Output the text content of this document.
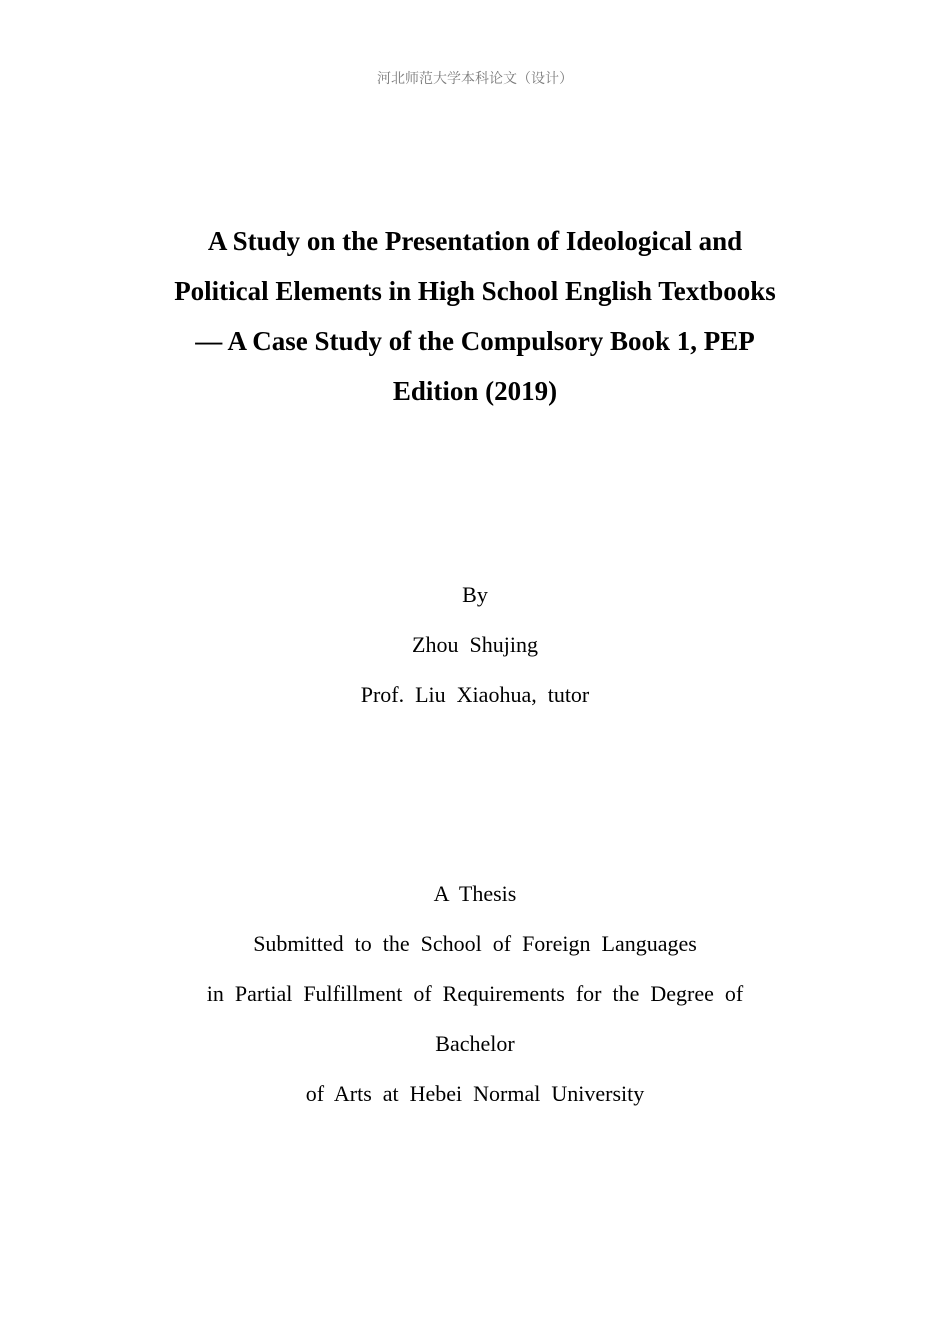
河北师范大学本科论文（设计）
A Study on the Presentation of Ideological and
Political Elements in High School English Textbooks
— A Case Study of the Compulsory Book 1, PEP
Edition (2019)
By
Zhou  Shujing
Prof.  Liu  Xiaohua,  tutor
A  Thesis
Submitted  to  the  School  of  Foreign  Languages
in  Partial  Fulfillment  of  Requirements  for  the  Degree  of
Bachelor
of  Arts  at  Hebei  Normal  University
